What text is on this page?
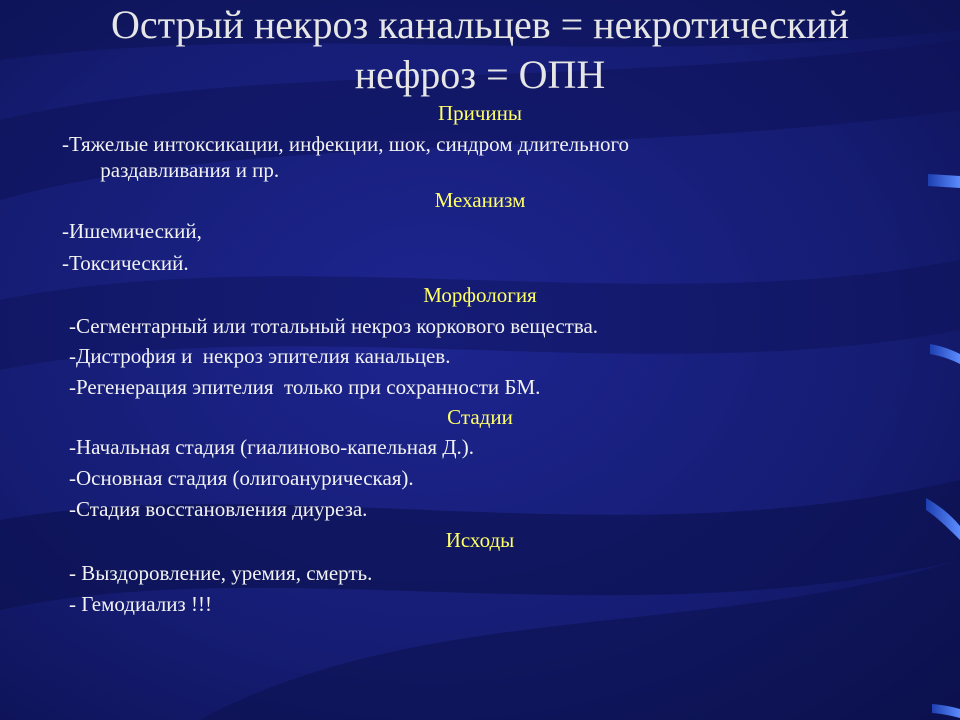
Острый некроз канальцев = некротический
нефроз = ОПН
Причины
-Тяжелые интоксикации, инфекции, шок, синдром длительного
раздавливания и пр.
Механизм
-Ишемический,
-Токсический.
Морфология
-Сегментарный или тотальный некроз коркового вещества.
-Дистрофия и  некроз эпителия канальцев.
-Регенерация эпителия  только при сохранности БМ.
Стадии
-Начальная стадия (гиалиново-капельная Д.).
-Основная стадия (олигоанурическая).
-Стадия восстановления диуреза.
Исходы
- Выздоровление, уремия, смерть.
- Гемодиализ !!!
